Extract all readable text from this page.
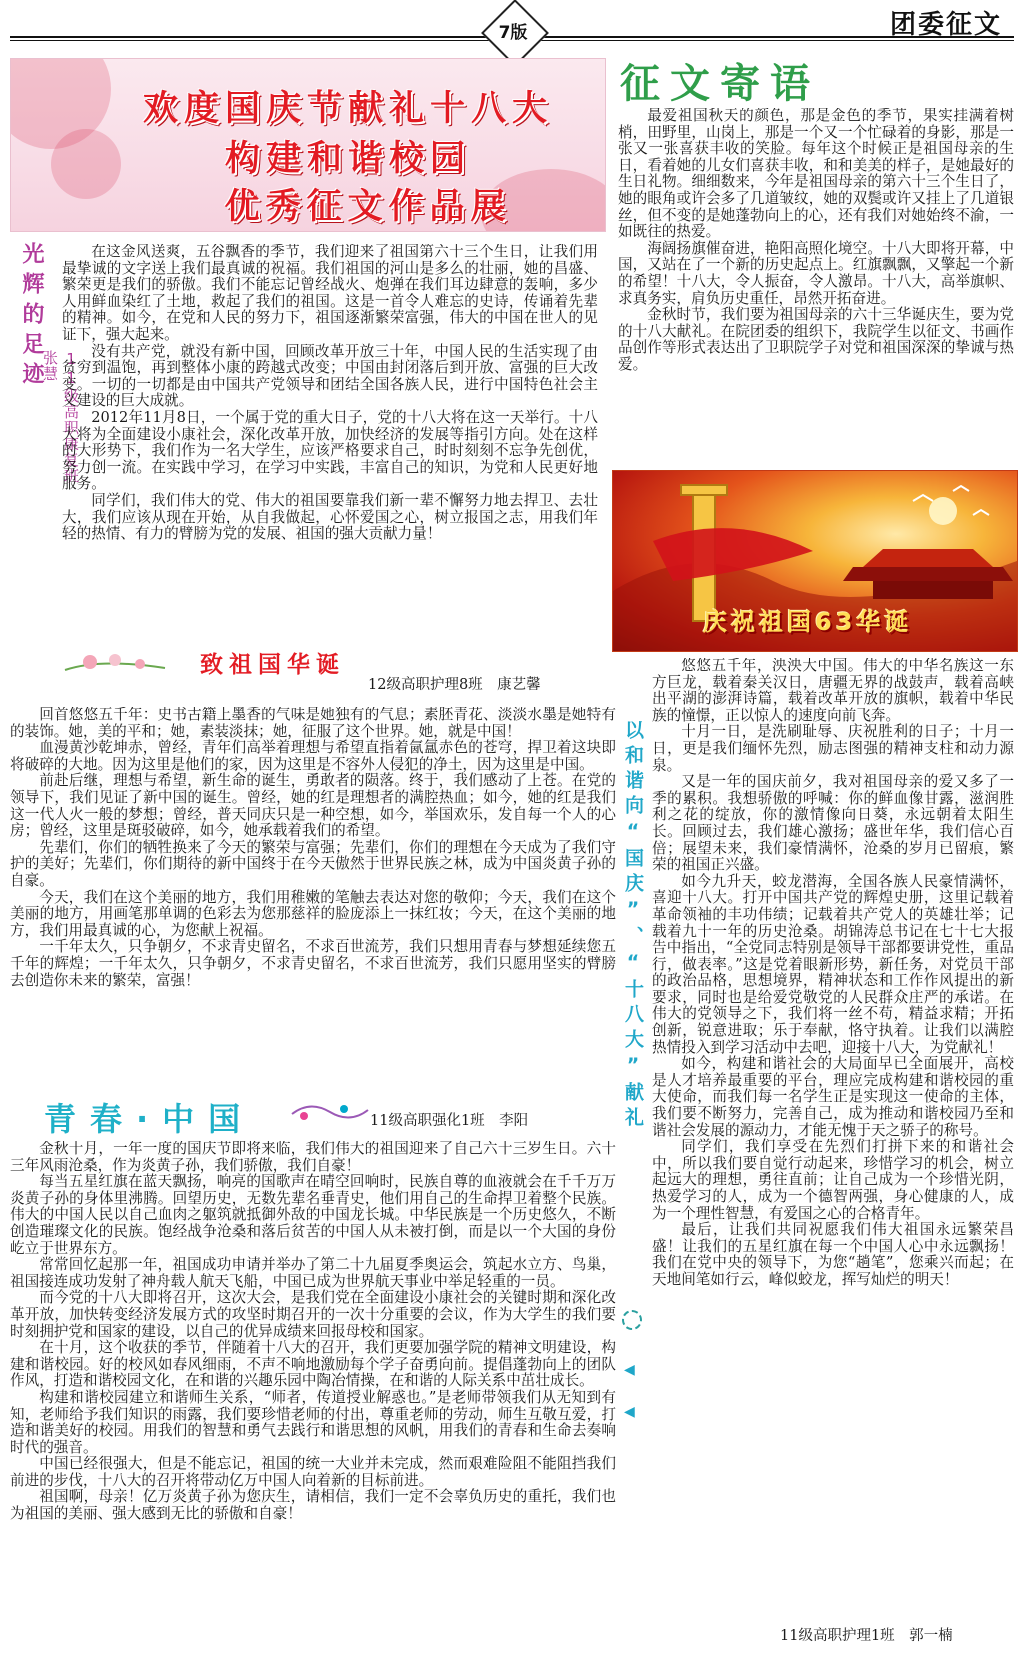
7版	团委征文
欢度国庆节献礼十八大
构建和谐校园
优秀征文作品展
光辉的足迹
11级高职康复班 张慧

在这金风送爽，五谷飘香的季节，我们迎来了祖国第六十三个生日，让我们用最挚诚的文字送上我们最真诚的祝福。我们祖国的河山是多么的壮丽，她的昌盛、繁荣更是我们的骄傲。我们不能忘记曾经战火、炮弹在我们耳边肆意的轰响，多少人用鲜血染红了土地，救起了我们的祖国。这是一首令人难忘的史诗，传诵着先辈的精神。如今，在党和人民的努力下，祖国逐渐繁荣富强，伟大的中国在世人的见证下，强大起来。

没有共产党，就没有新中国，回顾改革开放三十年，中国人民的生活实现了由贫穷到温饱，再到整体小康的跨越式改变；中国由封闭落后到开放、富强的巨大改变。一切的一切都是由中国共产党领导和团结全国各族人民，进行中国特色社会主义建设的巨大成就。

2012年11月8日，一个属于党的重大日子，党的十八大将在这一天举行。十八大将为全面建设小康社会，深化改革开放，加快经济的发展等指引方向。处在这样的大形势下，我们作为一名大学生，应该严格要求自己，时时刻刻不忘争先创优，努力创一流。在实践中学习，在学习中实践，丰富自己的知识，为党和人民更好地服务。

同学们，我们伟大的党、伟大的祖国要靠我们新一辈不懈努力地去捍卫、去壮大，我们应该从现在开始，从自我做起，心怀爱国之心，树立报国之志，用我们年轻的热情、有力的臂膀为党的发展、祖国的强大贡献力量！

致祖国华诞
12级高职护理8班　康艺馨

回首悠悠五千年：史书古籍上墨香的气味是她独有的气息；素胚青花、淡淡水墨是她特有的装饰。她，美的平和；她，素装淡抹；她，征服了这个世界。她，就是中国！

血漫黄沙乾坤赤，曾经，青年们高举着理想与希望直指着氤氲赤色的苍穹，捍卫着这块即将破碎的大地。因为这里是他们的家，因为这里是不容外人侵犯的净土，因为这里是中国。

前赴后继，理想与希望，新生命的诞生，勇敢者的陨落。终于，我们感动了上苍。在党的领导下，我们见证了新中国的诞生。曾经，她的红是理想者的满腔热血；如今，她的红是我们这一代人火一般的梦想；曾经，普天同庆只是一种空想，如今，举国欢乐，发自每一个人的心房；曾经，这里是斑驳破碎，如今，她承载着我们的希望。

先辈们，你们的牺牲换来了今天的繁荣与富强；先辈们，你们的理想在今天成为了我们守护的美好；先辈们，你们期待的新中国终于在今天傲然于世界民族之林，成为中国炎黄子孙的自豪。

今天，我们在这个美丽的地方，我们用稚嫩的笔触去表达对您的敬仰；今天，我们在这个美丽的地方，用画笔那单调的色彩去为您那慈祥的脸庞添上一抹红妆；今天，在这个美丽的地方，我们用最真诚的心，为您献上祝福。

一千年太久，只争朝夕，不求青史留名，不求百世流芳，我们只想用青春与梦想延续您五千年的辉煌；一千年太久，只争朝夕，不求青史留名，不求百世流芳，我们只愿用坚实的臂膀去创造你未来的繁荣，富强！

青春·中国	11级高职强化1班　李阳

金秋十月，一年一度的国庆节即将来临，我们伟大的祖国迎来了自己六十三岁生日。六十三年风雨沧桑，作为炎黄子孙，我们骄傲，我们自豪！

每当五星红旗在蓝天飘扬，响亮的国歌声在晴空回响时，民族自尊的血液就会在千千万万炎黄子孙的身体里沸腾。回望历史，无数先辈名垂青史，他们用自己的生命捍卫着整个民族。伟大的中国人民以自己血肉之躯筑就抵御外敌的中国龙长城。中华民族是一个历史悠久，不断创造璀璨文化的民族。饱经战争沧桑和落后贫苦的中国人从未被打倒，而是以一个大国的身份屹立于世界东方。

常常回忆起那一年，祖国成功申请并举办了第二十九届夏季奥运会，筑起水立方、鸟巢，祖国接连成功发射了神舟载人航天飞船，中国已成为世界航天事业中举足轻重的一员。

而今党的十八大即将召开，这次大会，是我们党在全面建设小康社会的关键时期和深化改革开放，加快转变经济发展方式的攻坚时期召开的一次十分重要的会议，作为大学生的我们要时刻拥护党和国家的建设，以自己的优异成绩来回报母校和国家。

在十月，这个收获的季节，伴随着十八大的召开，我们更要加强学院的精神文明建设，构建和谐校园。好的校风如春风细雨，不声不响地激励每个学子奋勇向前。提倡蓬勃向上的团队作风，打造和谐校园文化，在和谐的兴趣乐园中陶冶情操，在和谐的人际关系中茁壮成长。

构建和谐校园建立和谐师生关系，“师者，传道授业解惑也。”是老师带领我们从无知到有知，老师给予我们知识的雨露，我们要珍惜老师的付出，尊重老师的劳动，师生互敬互爱，打造和谐美好的校园。用我们的智慧和勇气去践行和谐思想的风帆，用我们的青春和生命去奏响时代的强音。

中国已经很强大，但是不能忘记，祖国的统一大业并未完成，然而艰难险阻不能阻挡我们前进的步伐，十八大的召开将带动亿万中国人向着新的目标前进。

祖国啊，母亲！亿万炎黄子孙为您庆生，请相信，我们一定不会辜负历史的重托，我们也为祖国的美丽、强大感到无比的骄傲和自豪！

征文寄语

最爱祖国秋天的颜色，那是金色的季节，果实挂满着树梢，田野里，山岗上，那是一个又一个忙碌着的身影，那是一张又一张喜获丰收的笑脸。每年这个时候正是祖国母亲的生日，看着她的儿女们喜获丰收，和和美美的样子，是她最好的生日礼物。细细数来，今年是祖国母亲的第六十三个生日了，她的眼角或许会多了几道皱纹，她的双鬓或许又挂上了几道银丝，但不变的是她蓬勃向上的心，还有我们对她始终不渝，一如既往的热爱。

海阔扬旗催奋进，艳阳高照化境空。十八大即将开幕，中国，又站在了一个新的历史起点上。红旗飘飘，又擎起一个新的希望！十八大，令人振奋，令人激昂。十八大，高举旗帜、求真务实，肩负历史重任，昂然开拓奋进。

金秋时节，我们要为祖国母亲的六十三华诞庆生，要为党的十八大献礼。在院团委的组织下，我院学生以征文、书画作品创作等形式表达出了卫职院学子对党和祖国深深的挚诚与热爱。

庆祝祖国63华诞
以和谐向“国庆”、“十八大”献礼
◀
◀

悠悠五千年，泱泱大中国。伟大的中华名族这一东方巨龙，载着秦关汉日，唐疆无界的战鼓声，载着高峡出平湖的澎湃诗篇，载着改革开放的旗帜，载着中华民族的憧憬，正以惊人的速度向前飞奔。

十月一日，是洗刷耻辱、庆祝胜利的日子；十月一日，更是我们缅怀先烈，励志图强的精神支柱和动力源泉。

又是一年的国庆前夕，我对祖国母亲的爱又多了一季的累积。我想骄傲的呼喊：你的鲜血像甘露，滋润胜利之花的绽放，你的激情像向日葵，永远朝着太阳生长。回顾过去，我们雄心激扬；盛世年华，我们信心百倍；展望未来，我们豪情满怀，沧桑的岁月已留痕，繁荣的祖国正兴盛。

如今九升天，蛟龙潜海，全国各族人民豪情满怀，喜迎十八大。打开中国共产党的辉煌史册，这里记载着革命领袖的丰功伟绩；记载着共产党人的英雄壮举；记载着九十一年的历史沧桑。胡锦涛总书记在七十七大报告中指出，“全党同志特别是领导干部都要讲党性，重品行，做表率。”这是党着眼新形势，新任务，对党员干部的政治品格，思想境界，精神状态和工作作风提出的新要求，同时也是给爱党敬党的人民群众庄严的承诺。在伟大的党领导之下，我们将一丝不苟，精益求精；开拓创新，锐意进取；乐于奉献，恪守执着。让我们以满腔热情投入到学习活动中去吧，迎接十八大，为党献礼！

如今，构建和谐社会的大局面早已全面展开，高校是人才培养最重要的平台，理应完成构建和谐校园的重大使命，而我们每一名学生正是实现这一使命的主体，我们要不断努力，完善自己，成为推动和谐校园乃至和谐社会发展的源动力，才能无愧于天之骄子的称号。

同学们，我们享受在先烈们打拼下来的和谐社会中，所以我们要自觉行动起来，珍惜学习的机会，树立起远大的理想，勇往直前；让自己成为一个珍惜光阴，热爱学习的人，成为一个德智两强，身心健康的人，成为一个理性智慧，有爱国之心的合格青年。

最后，让我们共同祝愿我们伟大祖国永远繁荣昌盛！让我们的五星红旗在每一个中国人心中永远飘扬！我们在党中央的领导下，为您“趟笔”，您乘兴而起；在天地间笔如行云，峰似蛟龙，挥写灿烂的明天！

11级高职护理1班　郭一楠
